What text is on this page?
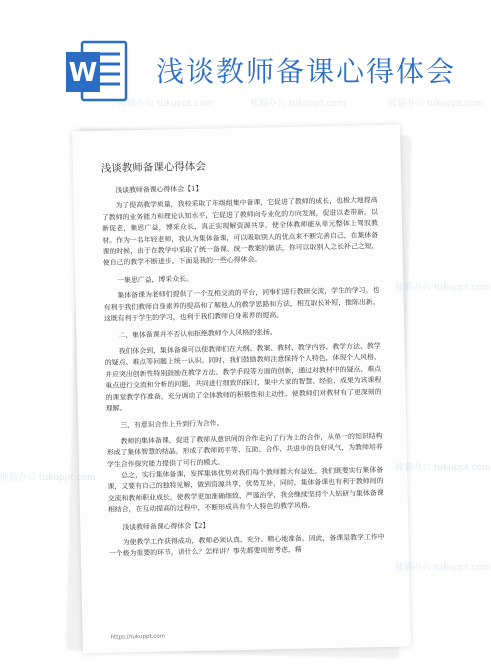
W 浅谈教师备课心得体会
浅谈教师备课心得体会

浅谈教师备课心得体会【1】

为了提高教学质量，我校采取了年级组集中备课，它促进了教师的成长，也极大地提高了教师的业务能力和理论认知水平，它促进了教师向专业化的方向发展，促进以老带新，以新促老，集思广益，博采众长，真正实现解资源共享，使全体教师能从单元整体上驾驭教材。作为一名年轻老师，我认为集体备课，可以吸取别人的优点来不断完善自己，在集体备课的时候，由于在教学中采取了统一备课、统一教案的做法，你可以取别人之长补己之短，使自己的教学不断进步。下面是我的一些心得体会。

一集思广益，博采众长。

集体备课为老师们提供了一个互相交流的平台，同事们进行教研交流，学生的学习，也有利于我们教师自身素养的提高和了解他人的教学思路和方法，相互取长补短，推陈出新，这既有利于学生的学习，也利于我们教师自身素养的提高。

二、集体备课并不否认和拒绝教师个人风格的张扬。

我们体会到，集体备课可以使教师们在大纲、教案、教材、教学内容、教学方法、教学的疑点、难点等问题上统一认识。同时，我们鼓励教师注意保持个人特色，体现个人风格，并应突出创新性特别鼓励在教学方法、教学手段等方面的创新，通过对教材中的疑点、难点重点进行交流和分析的问题，共同进行细致的探讨，集中大家的智慧、经验，成果为该课程的课堂教学作准备，充分调动了全体教师的积极性和主动性，使教师们对教材有了更深刻的理解。

三、有意识合作上升到行为合作。

教师的集体备课，促进了教师从意识间的合作走向了行为上的合作，从单一的知识结构形成了集体智慧的结晶，形成了教师间平等、互助、合作、共进步的良好风气，为教师培养学生合作探究能力提供了可行的模式。

总之，实行集体备课，发挥集体优势对我们每个教师都大有益处。我们既要实行集体备课，又要有自己的独特见解，做到资源共享，优势互补，同时，集体备课也有利于教师间的交流和教师职业成长，使教学更加准确细致、严谨治学，我会继续坚持个人钻研与集体备课相结合，在互动提高的过程中，不断形成具有个人特色的教学风格。

浅谈教师备课心得体会【2】

为使教学工作获得成功，教师必须认真、充分、精心地准备。因此，备课是教学工作中一个极为重要的环节，讲什么？怎样讲？事先都要周密考虑，精

https://tukuppt.com
熊猫办公 tukuppt.com	熊猫办公 tukuppt.com	熊猫办公 tukuppt.com
熊猫办公 tukuppt.com
熊猫办公 tukuppt.com
熊猫办公 tukuppt.com
熊猫办公 tukuppt.com
